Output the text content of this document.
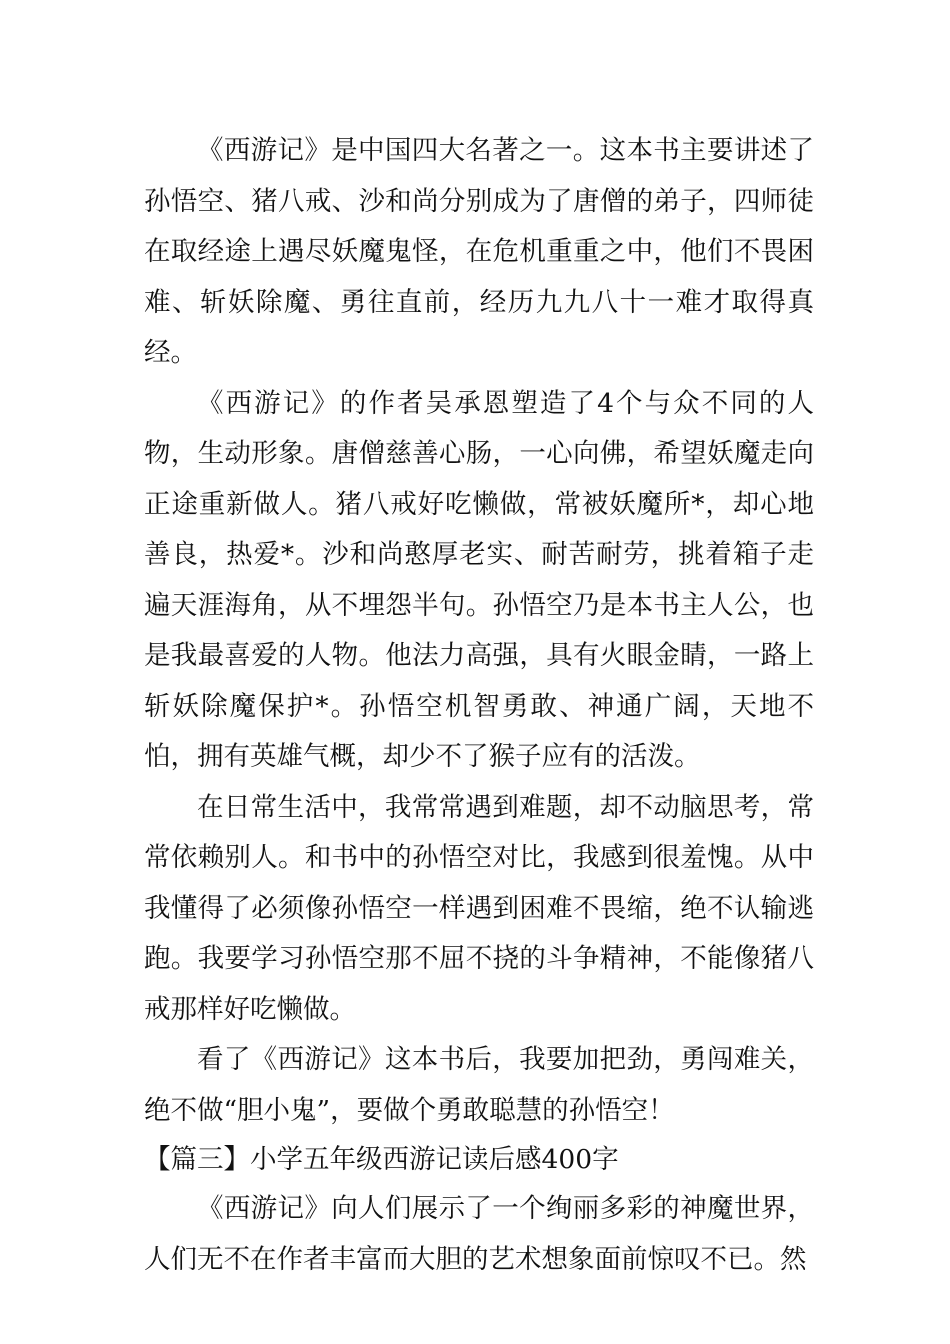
《西游记》是中国四大名著之一。这本书主要讲述了孙悟空、猪八戒、沙和尚分别成为了唐僧的弟子，四师徒在取经途上遇尽妖魔鬼怪，在危机重重之中，他们不畏困难、斩妖除魔、勇往直前，经历九九八十一难才取得真经。

《西游记》的作者吴承恩塑造了4个与众不同的人物，生动形象。唐僧慈善心肠，一心向佛，希望妖魔走向正途重新做人。猪八戒好吃懒做，常被妖魔所*，却心地善良，热爱*。沙和尚憨厚老实、耐苦耐劳，挑着箱子走遍天涯海角，从不埋怨半句。孙悟空乃是本书主人公，也是我最喜爱的人物。他法力高强，具有火眼金睛，一路上斩妖除魔保护*。孙悟空机智勇敢、神通广阔，天地不怕，拥有英雄气概，却少不了猴子应有的活泼。

在日常生活中，我常常遇到难题，却不动脑思考，常常依赖别人。和书中的孙悟空对比，我感到很羞愧。从中我懂得了必须像孙悟空一样遇到困难不畏缩，绝不认输逃跑。我要学习孙悟空那不屈不挠的斗争精神，不能像猪八戒那样好吃懒做。

看了《西游记》这本书后，我要加把劲，勇闯难关，绝不做“胆小鬼”，要做个勇敢聪慧的孙悟空！

【篇三】小学五年级西游记读后感400字

《西游记》向人们展示了一个绚丽多彩的神魔世界，人们无不在作者丰富而大胆的艺术想象面前惊叹不已。然
